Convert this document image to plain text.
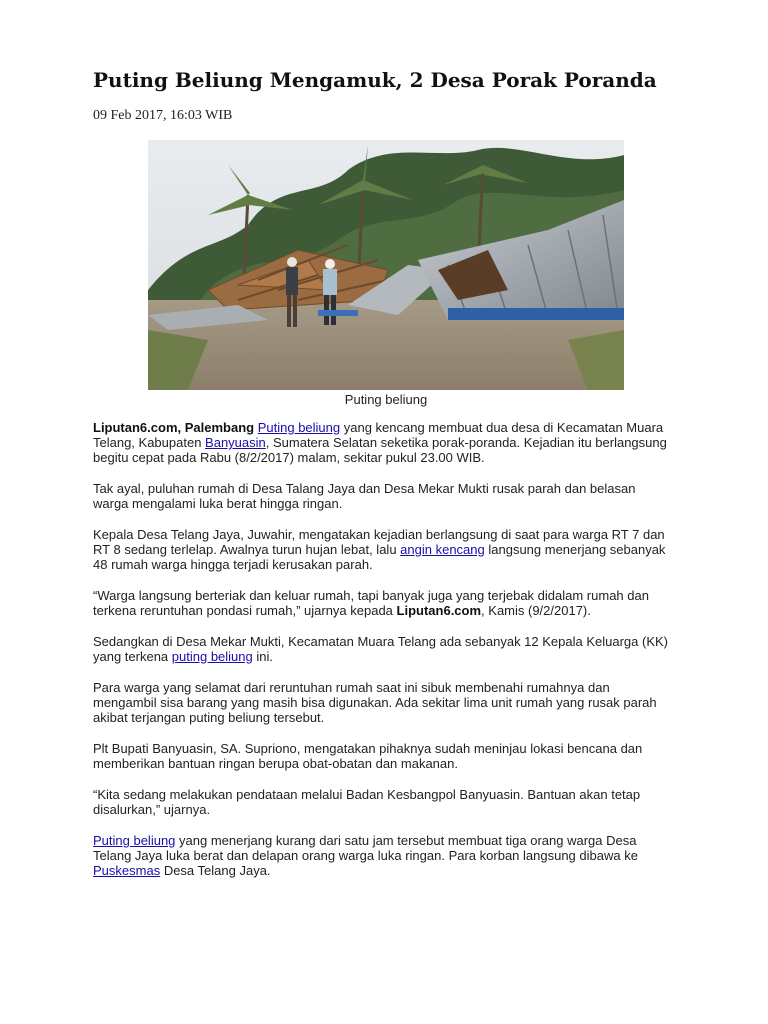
Puting Beliung Mengamuk, 2 Desa Porak Poranda
09 Feb 2017, 16:03 WIB
Puting beliung

Liputan6.com, Palembang Puting beliung yang kencang membuat dua desa di Kecamatan Muara Telang, Kabupaten Banyuasin, Sumatera Selatan seketika porak-poranda. Kejadian itu berlangsung begitu cepat pada Rabu (8/2/2017) malam, sekitar pukul 23.00 WIB.

Tak ayal, puluhan rumah di Desa Talang Jaya dan Desa Mekar Mukti rusak parah dan belasan warga mengalami luka berat hingga ringan.

Kepala Desa Telang Jaya, Juwahir, mengatakan kejadian berlangsung di saat para warga RT 7 dan RT 8 sedang terlelap. Awalnya turun hujan lebat, lalu angin kencang langsung menerjang sebanyak 48 rumah warga hingga terjadi kerusakan parah.

“Warga langsung berteriak dan keluar rumah, tapi banyak juga yang terjebak didalam rumah dan terkena reruntuhan pondasi rumah,” ujarnya kepada Liputan6.com, Kamis (9/2/2017).

Sedangkan di Desa Mekar Mukti, Kecamatan Muara Telang ada sebanyak 12 Kepala Keluarga (KK) yang terkena puting beliung ini.

Para warga yang selamat dari reruntuhan rumah saat ini sibuk membenahi rumahnya dan mengambil sisa barang yang masih bisa digunakan. Ada sekitar lima unit rumah yang rusak parah akibat terjangan puting beliung tersebut.

Plt Bupati Banyuasin, SA. Supriono, mengatakan pihaknya sudah meninjau lokasi bencana dan memberikan bantuan ringan berupa obat-obatan dan makanan.

“Kita sedang melakukan pendataan melalui Badan Kesbangpol Banyuasin. Bantuan akan tetap disalurkan,” ujarnya.

Puting beliung yang menerjang kurang dari satu jam tersebut membuat tiga orang warga Desa Telang Jaya luka berat dan delapan orang warga luka ringan. Para korban langsung dibawa ke Puskesmas Desa Telang Jaya.
